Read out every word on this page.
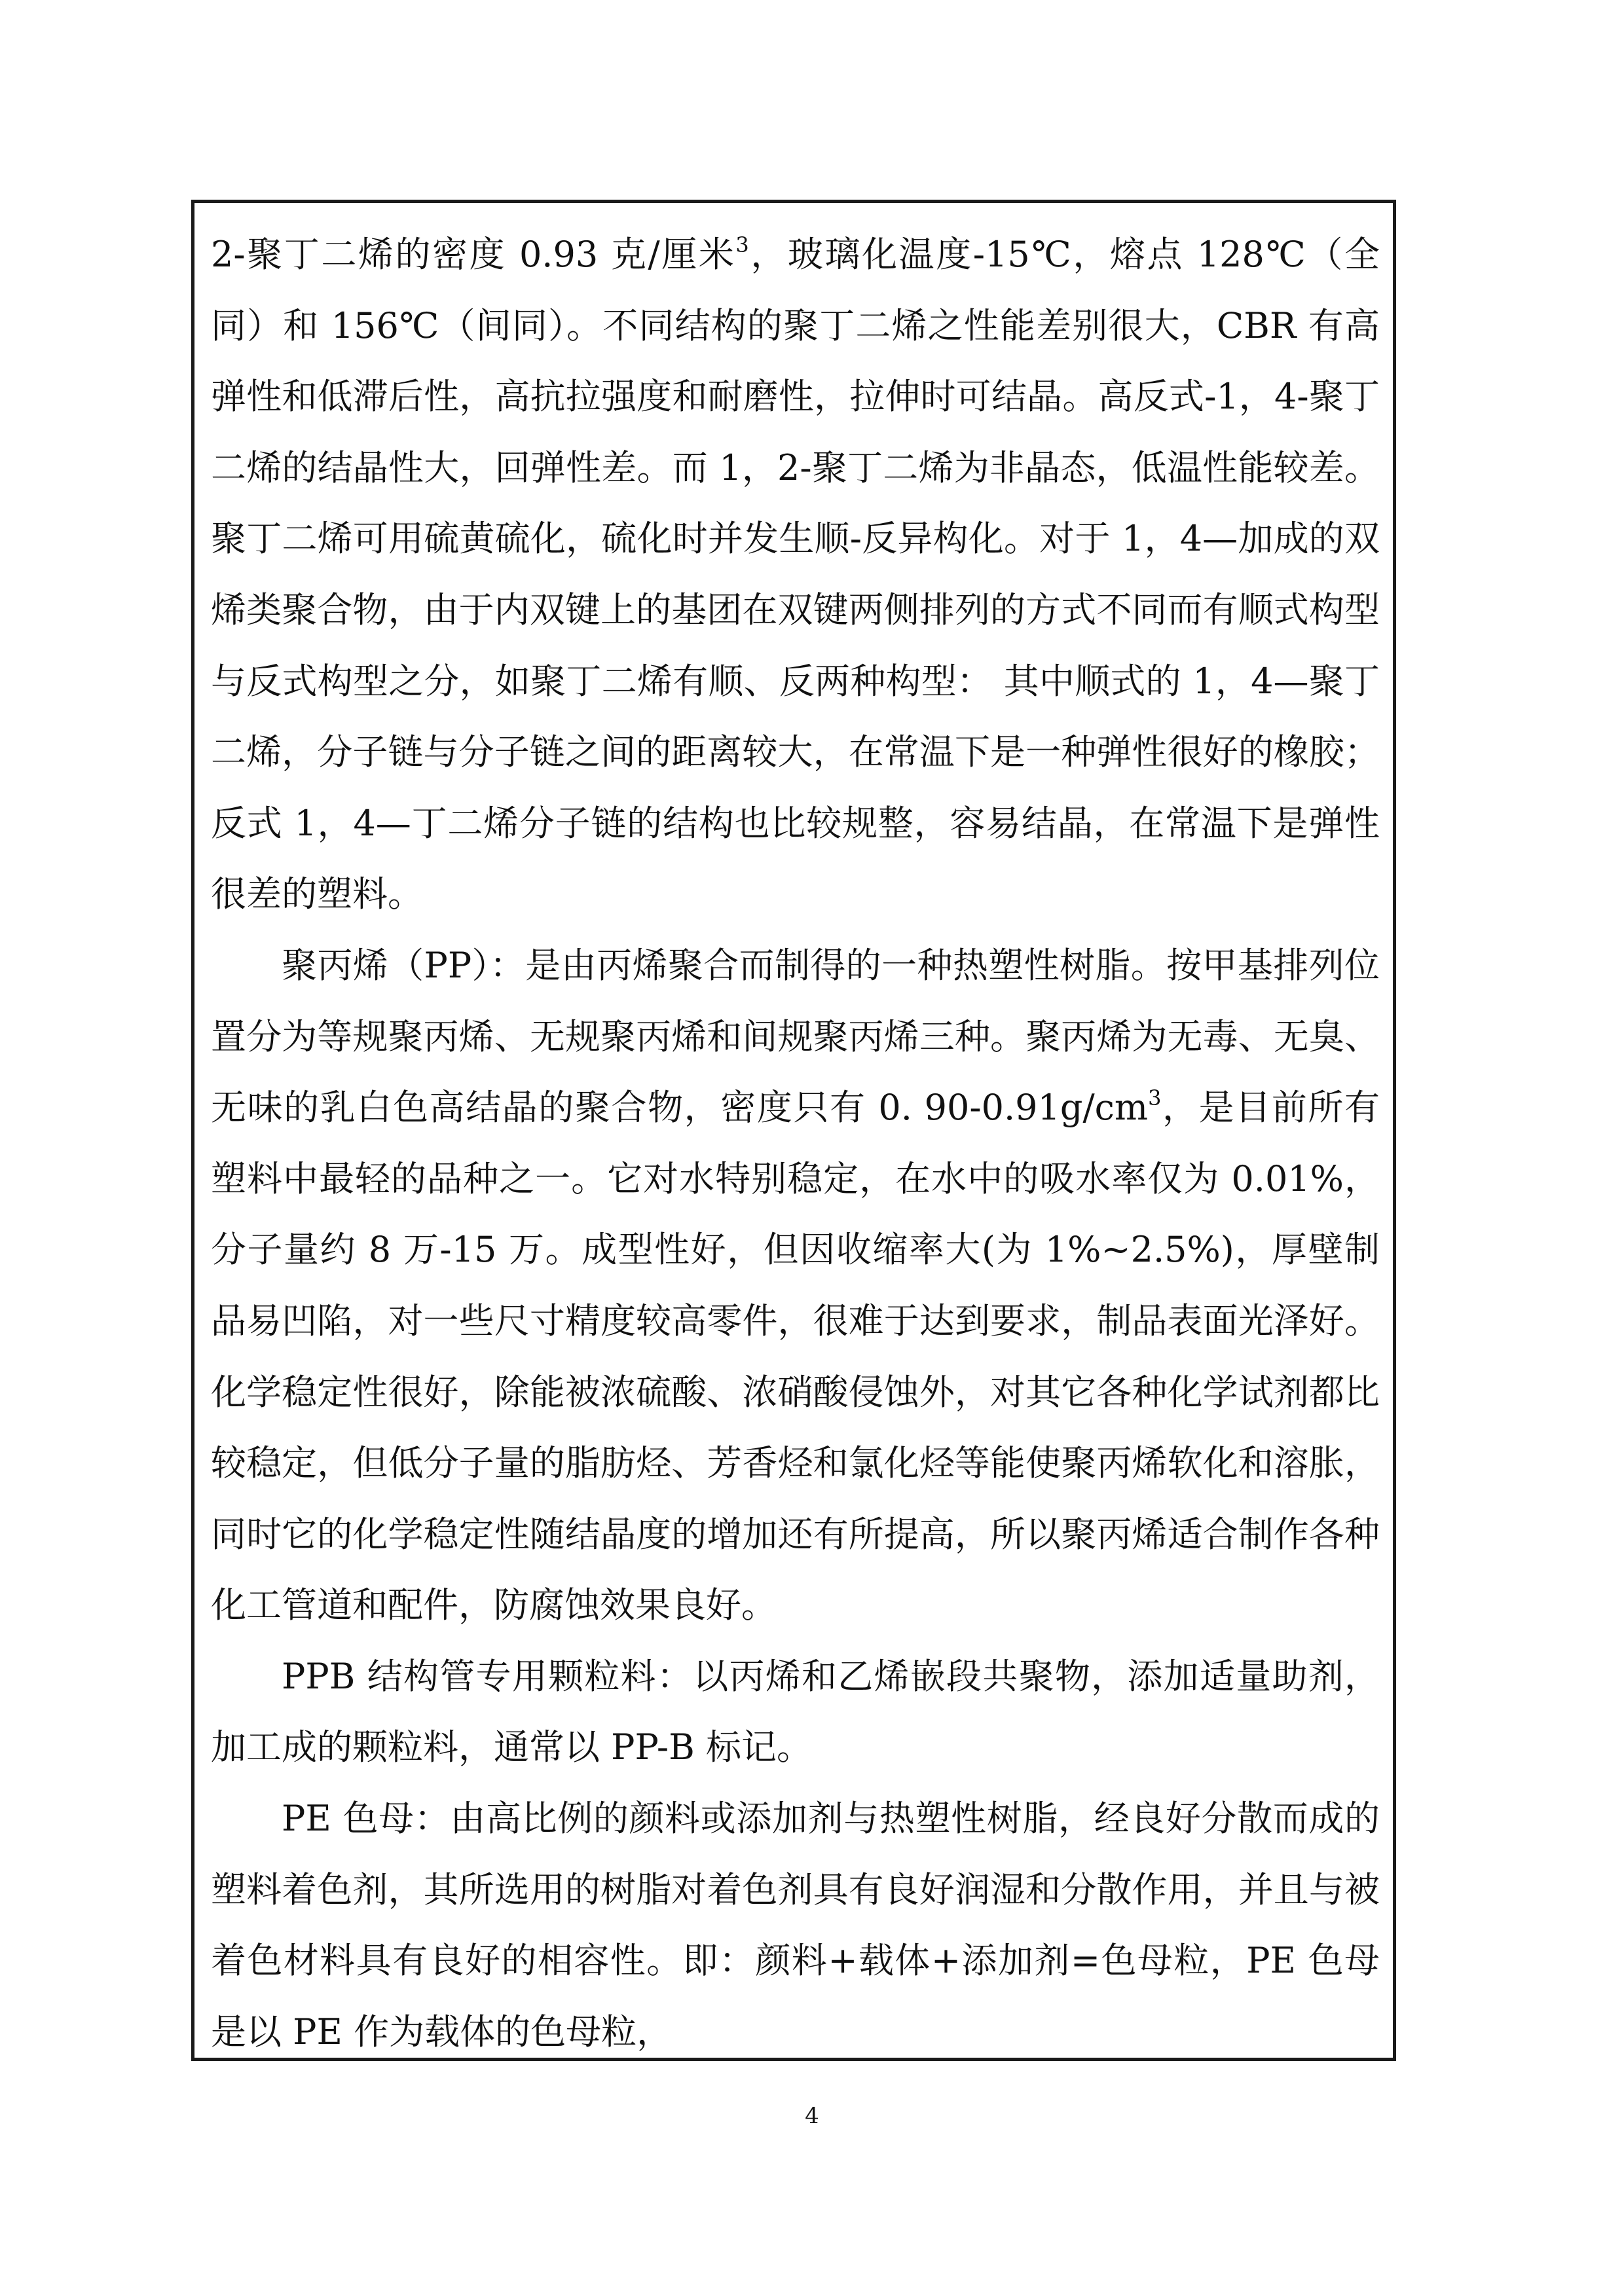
2-聚丁二烯的密度 0.93 克/厘米$^3$，玻璃化温度-15℃，熔点 128℃（全同）和 156℃（间同）。不同结构的聚丁二烯之性能差别很大，CBR 有高弹性和低滞后性，高抗拉强度和耐磨性，拉伸时可结晶。高反式-1，4-聚丁二烯的结晶性大，回弹性差。而 1，2-聚丁二烯为非晶态，低温性能较差。聚丁二烯可用硫黄硫化，硫化时并发生顺-反异构化。对于 1，4—加成的双烯类聚合物，由于内双键上的基团在双键两侧排列的方式不同而有顺式构型与反式构型之分，如聚丁二烯有顺、反两种构型： 其中顺式的 1，4—聚丁二烯，分子链与分子链之间的距离较大，在常温下是一种弹性很好的橡胶；反式 1，4—丁二烯分子链的结构也比较规整，容易结晶，在常温下是弹性很差的塑料。

聚丙烯（PP）：是由丙烯聚合而制得的一种热塑性树脂。按甲基排列位置分为等规聚丙烯、无规聚丙烯和间规聚丙烯三种。聚丙烯为无毒、无臭、无味的乳白色高结晶的聚合物，密度只有 0. $90-0.91g/cm^3$，是目前所有塑料中最轻的品种之一。它对水特别稳定，在水中的吸水率仅为 0.01%，分子量约 8 万-15 万。成型性好，但因收缩率大(为 1%~2.5%)，厚壁制品易凹陷，对一些尺寸精度较高零件，很难于达到要求，制品表面光泽好。化学稳定性很好，除能被浓硫酸、浓硝酸侵蚀外，对其它各种化学试剂都比较稳定，但低分子量的脂肪烃、芳香烃和氯化烃等能使聚丙烯软化和溶胀，同时它的化学稳定性随结晶度的增加还有所提高，所以聚丙烯适合制作各种化工管道和配件，防腐蚀效果良好。

PPB 结构管专用颗粒料：以丙烯和乙烯嵌段共聚物，添加适量助剂，加工成的颗粒料，通常以 PP-B 标记。

PE 色母：由高比例的颜料或添加剂与热塑性树脂，经良好分散而成的塑料着色剂，其所选用的树脂对着色剂具有良好润湿和分散作用，并且与被着色材料具有良好的相容性。即：颜料+载体+添加剂=色母粒，PE 色母是以 PE 作为载体的色母粒，

4
